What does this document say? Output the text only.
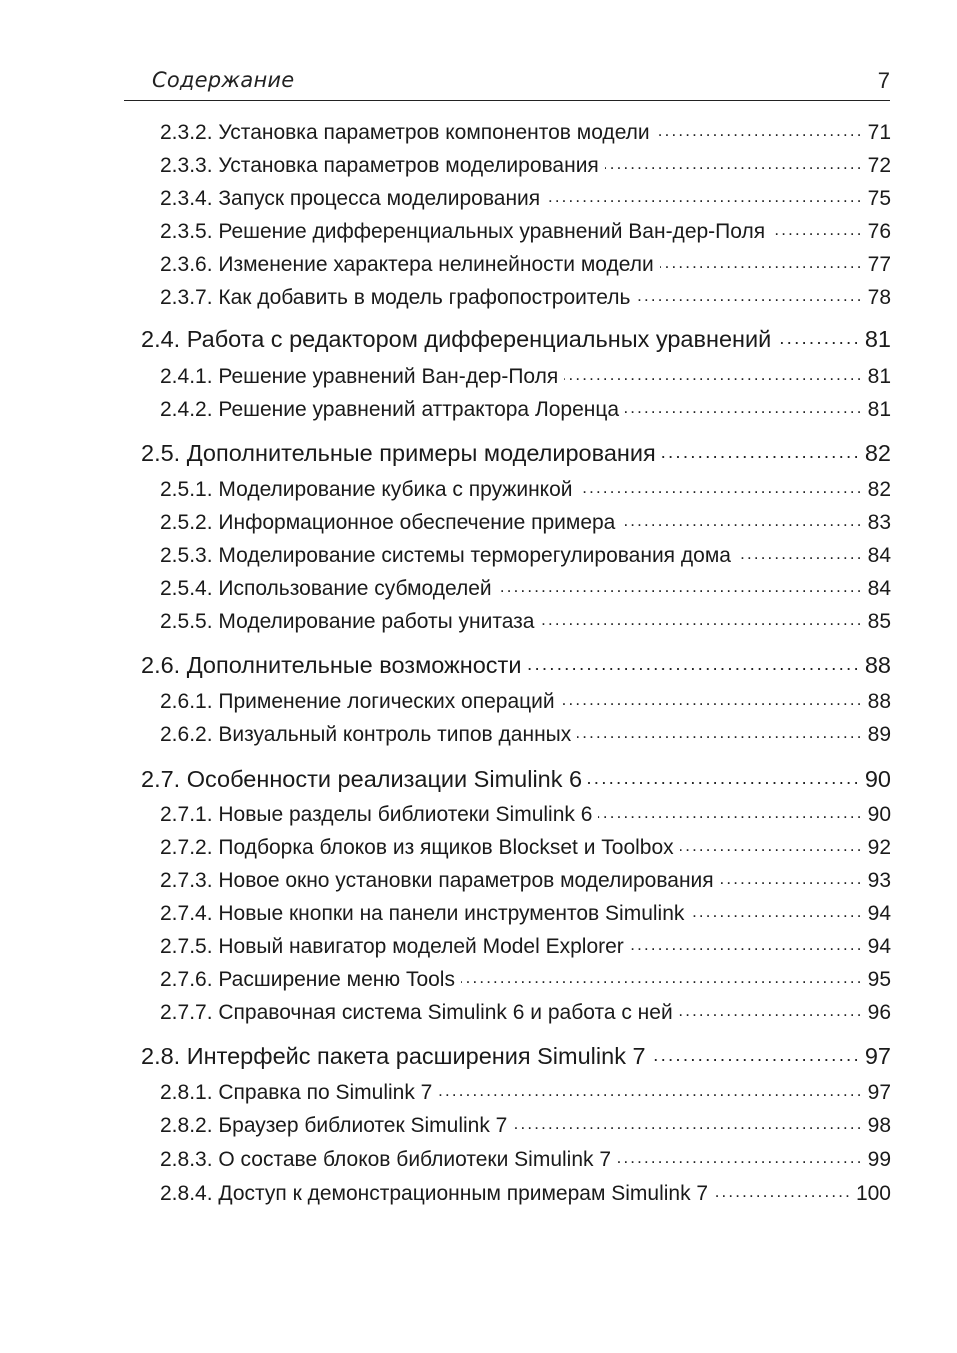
Содержание	7
2.3.2. Установка параметров компонентов модели .....	71
2.3.3. Установка параметров моделирования .....	72
2.3.4. Запуск процесса моделирования .....	75
2.3.5. Решение дифференциальных уравнений Ван-дер-Поля .....	76
2.3.6. Изменение характера нелинейности модели .....	77
2.3.7. Как добавить в модель графопостроитель .....	78
2.4. Работа с редактором дифференциальных уравнений .....	81
2.4.1. Решение уравнений Ван-дер-Поля .....	81
2.4.2. Решение уравнений аттрактора Лоренца .....	81
2.5. Дополнительные примеры моделирования .....	82
2.5.1. Моделирование кубика с пружинкой .....	82
2.5.2. Информационное обеспечение примера .....	83
2.5.3. Моделирование системы терморегулирования дома .....	84
2.5.4. Использование субмоделей .....	84
2.5.5. Моделирование работы унитаза .....	85
2.6. Дополнительные возможности .....	88
2.6.1. Применение логических операций .....	88
2.6.2. Визуальный контроль типов данных .....	89
2.7. Особенности реализации Simulink 6 .....	90
2.7.1. Новые разделы библиотеки Simulink 6 .....	90
2.7.2. Подборка блоков из ящиков Blockset и Toolbox .....	92
2.7.3. Новое окно установки параметров моделирования .....	93
2.7.4. Новые кнопки на панели инструментов Simulink .....	94
2.7.5. Новый навигатор моделей Model Explorer .....	94
2.7.6. Расширение меню Tools .....	95
2.7.7. Справочная система Simulink 6 и работа с ней .....	96
2.8. Интерфейс пакета расширения Simulink 7 .....	97
2.8.1. Справка по Simulink 7 .....	97
2.8.2. Браузер библиотек Simulink 7 .....	98
2.8.3. О составе блоков библиотеки Simulink 7 .....	99
2.8.4. Доступ к демонстрационным примерам Simulink 7 .....	100
